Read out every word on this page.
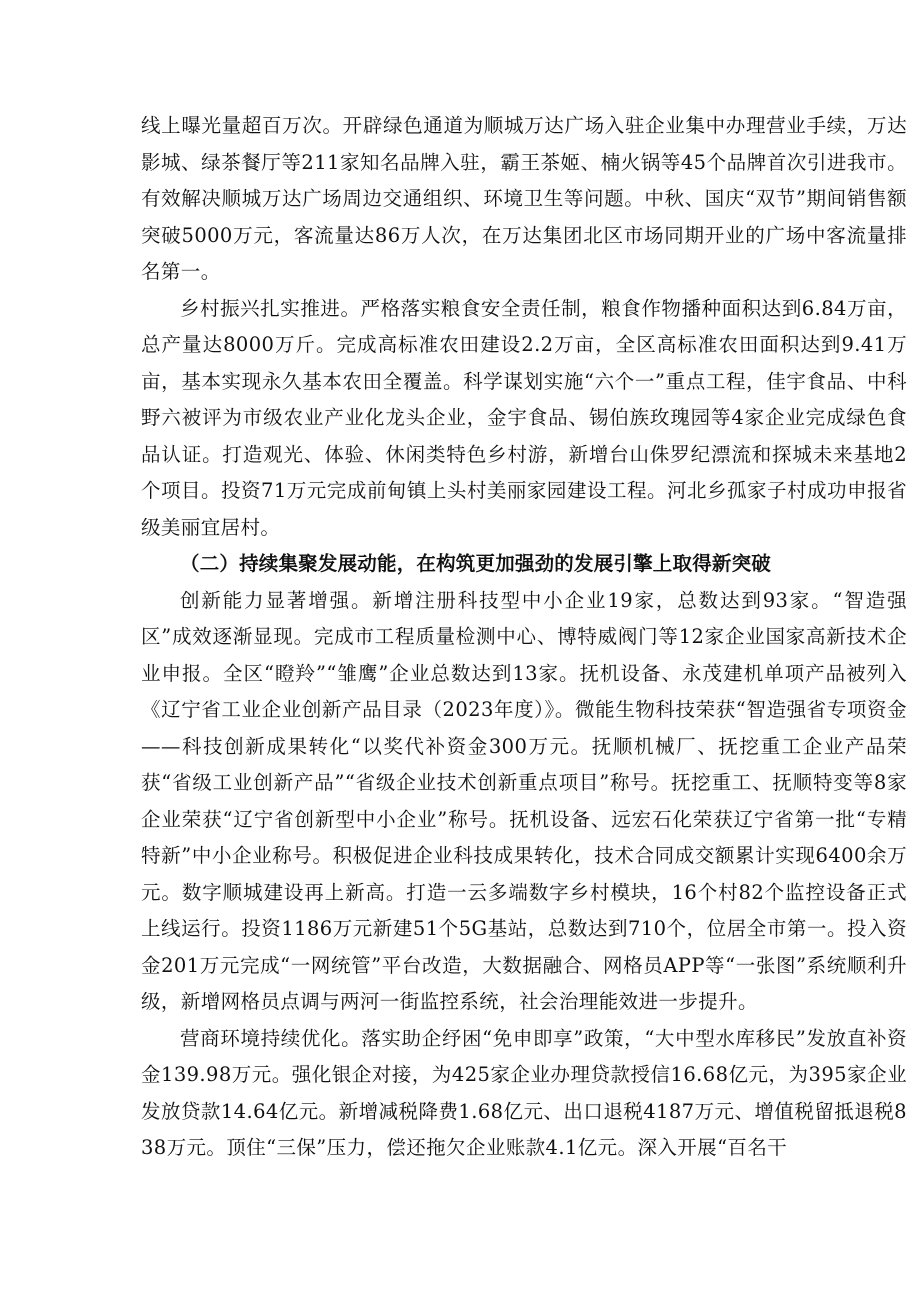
线上曝光量超百万次。开辟绿色通道为顺城万达广场入驻企业集中办理营业手续，万达影城、绿茶餐厅等211家知名品牌入驻，霸王茶姬、楠火锅等45个品牌首次引进我市。有效解决顺城万达广场周边交通组织、环境卫生等问题。中秋、国庆“双节”期间销售额突破5000万元，客流量达86万人次，在万达集团北区市场同期开业的广场中客流量排名第一。

乡村振兴扎实推进。严格落实粮食安全责任制，粮食作物播种面积达到6.84万亩，总产量达8000万斤。完成高标准农田建设2.2万亩，全区高标准农田面积达到9.41万亩，基本实现永久基本农田全覆盖。科学谋划实施“六个一”重点工程，佳宇食品、中科野六被评为市级农业产业化龙头企业，金宇食品、锡伯族玫瑰园等4家企业完成绿色食品认证。打造观光、体验、休闲类特色乡村游，新增台山侏罗纪漂流和探城未来基地2个项目。投资71万元完成前甸镇上头村美丽家园建设工程。河北乡孤家子村成功申报省级美丽宜居村。

（二）持续集聚发展动能，在构筑更加强劲的发展引擎上取得新突破

创新能力显著增强。新增注册科技型中小企业19家，总数达到93家。“智造强区”成效逐渐显现。完成市工程质量检测中心、博特威阀门等12家企业国家高新技术企业申报。全区“瞪羚”“雏鹰”企业总数达到13家。抚机设备、永茂建机单项产品被列入《辽宁省工业企业创新产品目录（2023年度）》。微能生物科技荣获“智造强省专项资金——科技创新成果转化“以奖代补资金300万元。抚顺机械厂、抚挖重工企业产品荣获“省级工业创新产品”“省级企业技术创新重点项目”称号。抚挖重工、抚顺特变等8家企业荣获“辽宁省创新型中小企业”称号。抚机设备、远宏石化荣获辽宁省第一批“专精特新”中小企业称号。积极促进企业科技成果转化，技术合同成交额累计实现6400余万元。数字顺城建设再上新高。打造一云多端数字乡村模块，16个村82个监控设备正式上线运行。投资1186万元新建51个5G基站，总数达到710个，位居全市第一。投入资金201万元完成“一网统管”平台改造，大数据融合、网格员APP等“一张图”系统顺利升级，新增网格员点调与两河一街监控系统，社会治理能效进一步提升。

营商环境持续优化。落实助企纾困“免申即享”政策，“大中型水库移民”发放直补资金139.98万元。强化银企对接，为425家企业办理贷款授信16.68亿元，为395家企业发放贷款14.64亿元。新增减税降费1.68亿元、出口退税4187万元、增值税留抵退税838万元。顶住“三保”压力，偿还拖欠企业账款4.1亿元。深入开展“百名干
